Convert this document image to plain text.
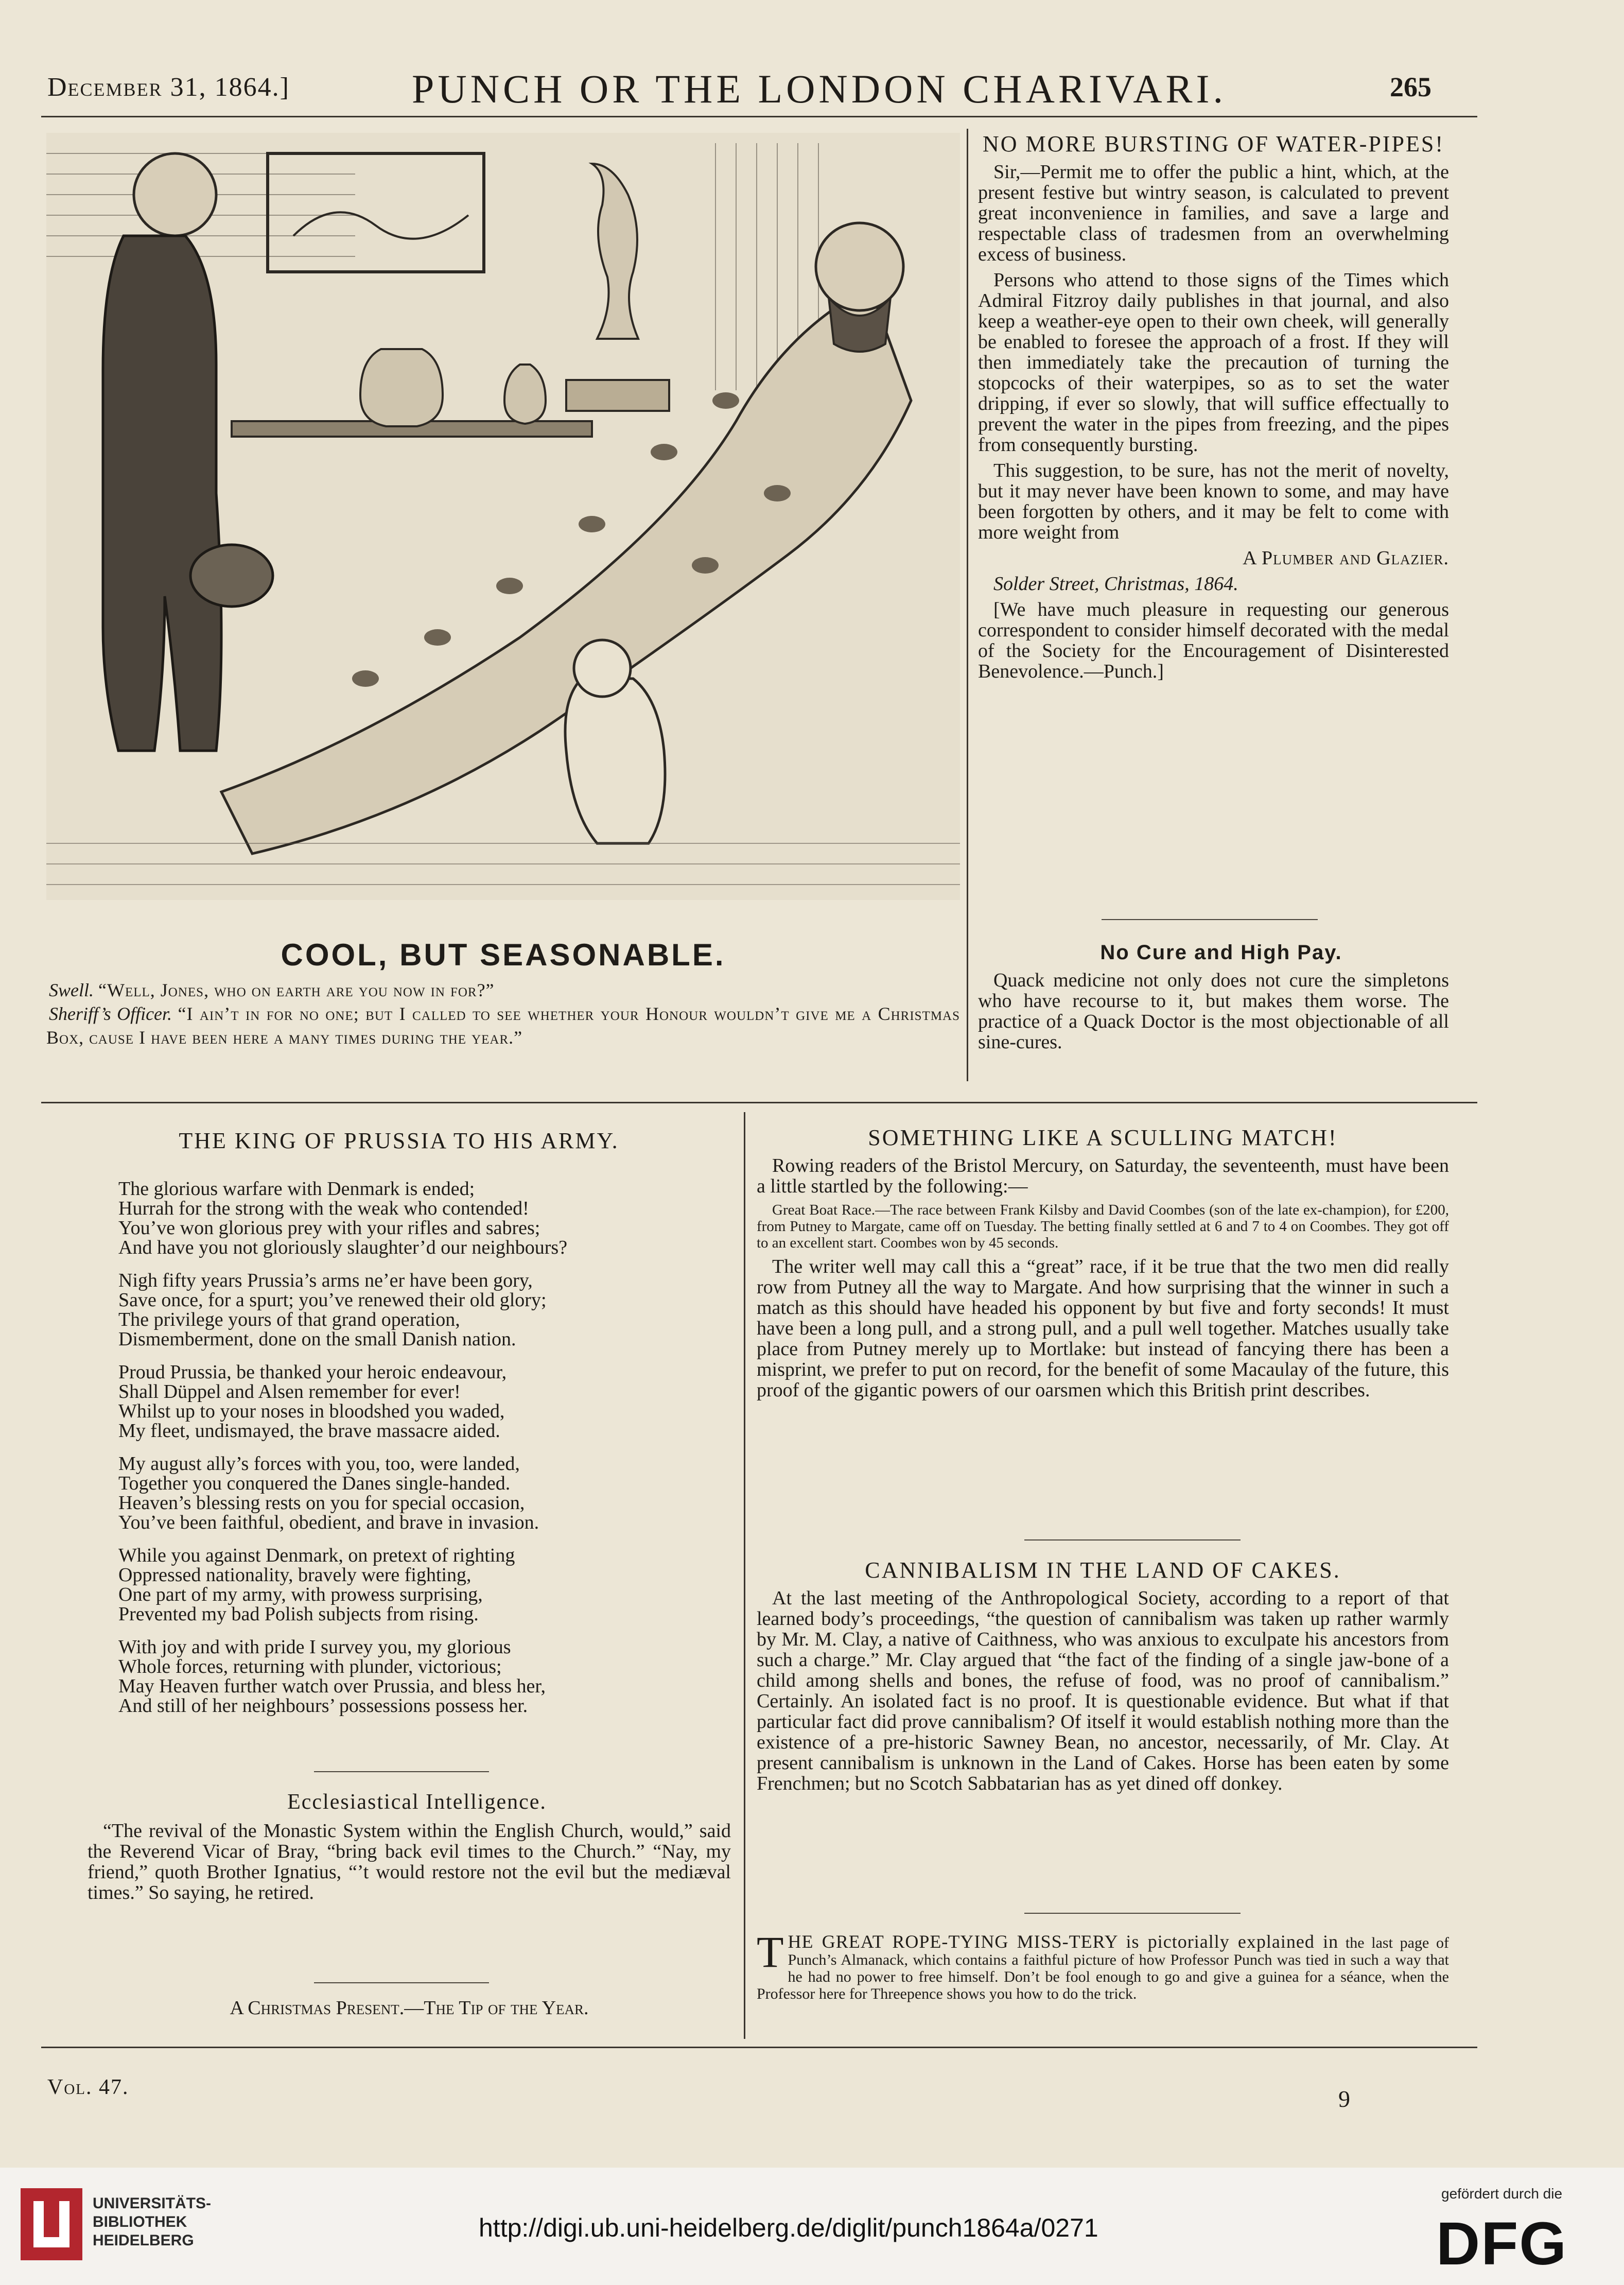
December 31, 1864.]	PUNCH OR THE LONDON CHARIVARI.	265
COOL, BUT SEASONABLE.

Swell. “Well, Jones, who on earth are you now in for?”

Sheriff’s Officer. “I ain’t in for no one; but I called to see whether your Honour wouldn’t give me a Christmas Box, cause I have been here a many times during the year.”

NO MORE BURSTING OF WATER-PIPES!

Sir,—Permit me to offer the public a hint, which, at the present festive but wintry season, is calculated to prevent great inconvenience in families, and save a large and respectable class of tradesmen from an overwhelming excess of business.

Persons who attend to those signs of the Times which Admiral Fitzroy daily publishes in that journal, and also keep a weather-eye open to their own cheek, will generally be enabled to foresee the approach of a frost. If they will then immediately take the precaution of turning the stopcocks of their waterpipes, so as to set the water dripping, if ever so slowly, that will suffice effectually to prevent the water in the pipes from freezing, and the pipes from consequently bursting.

This suggestion, to be sure, has not the merit of novelty, but it may never have been known to some, and may have been forgotten by others, and it may be felt to come with more weight from

A Plumber and Glazier.

Solder Street, Christmas, 1864.

[We have much pleasure in requesting our generous correspondent to consider himself decorated with the medal of the Society for the Encouragement of Disinterested Benevolence.—Punch.]

No Cure and High Pay.

Quack medicine not only does not cure the simpletons who have recourse to it, but makes them worse. The practice of a Quack Doctor is the most objectionable of all sine-cures.

THE KING OF PRUSSIA TO HIS ARMY.

The glorious warfare with Denmark is ended;
Hurrah for the strong with the weak who contended!
You’ve won glorious prey with your rifles and sabres;
And have you not gloriously slaughter’d our neighbours?
Nigh fifty years Prussia’s arms ne’er have been gory,
Save once, for a spurt; you’ve renewed their old glory;
The privilege yours of that grand operation,
Dismemberment, done on the small Danish nation.
Proud Prussia, be thanked your heroic endeavour,
Shall Düppel and Alsen remember for ever!
Whilst up to your noses in bloodshed you waded,
My fleet, undismayed, the brave massacre aided.
My august ally’s forces with you, too, were landed,
Together you conquered the Danes single-handed.
Heaven’s blessing rests on you for special occasion,
You’ve been faithful, obedient, and brave in invasion.
While you against Denmark, on pretext of righting
Oppressed nationality, bravely were fighting,
One part of my army, with prowess surprising,
Prevented my bad Polish subjects from rising.
With joy and with pride I survey you, my glorious
Whole forces, returning with plunder, victorious;
May Heaven further watch over Prussia, and bless her,
And still of her neighbours’ possessions possess her.

Ecclesiastical Intelligence.

“The revival of the Monastic System within the English Church, would,” said the Reverend Vicar of Bray, “bring back evil times to the Church.” “Nay, my friend,” quoth Brother Ignatius, “’t would restore not the evil but the mediæval times.” So saying, he retired.

A Christmas Present.—The Tip of the Year.

SOMETHING LIKE A SCULLING MATCH!

Rowing readers of the Bristol Mercury, on Saturday, the seventeenth, must have been a little startled by the following:—

Great Boat Race.—The race between Frank Kilsby and David Coombes (son of the late ex-champion), for £200, from Putney to Margate, came off on Tuesday. The betting finally settled at 6 and 7 to 4 on Coombes. They got off to an excellent start. Coombes won by 45 seconds.

The writer well may call this a “great” race, if it be true that the two men did really row from Putney all the way to Margate. And how surprising that the winner in such a match as this should have headed his opponent by but five and forty seconds! It must have been a long pull, and a strong pull, and a pull well together. Matches usually take place from Putney merely up to Mortlake: but instead of fancying there has been a misprint, we prefer to put on record, for the benefit of some Macaulay of the future, this proof of the gigantic powers of our oarsmen which this British print describes.

CANNIBALISM IN THE LAND OF CAKES.

At the last meeting of the Anthropological Society, according to a report of that learned body’s proceedings, “the question of cannibalism was taken up rather warmly by Mr. M. Clay, a native of Caithness, who was anxious to exculpate his ancestors from such a charge.” Mr. Clay argued that “the fact of the finding of a single jaw-bone of a child among shells and bones, the refuse of food, was no proof of cannibalism.” Certainly. An isolated fact is no proof. It is questionable evidence. But what if that particular fact did prove cannibalism? Of itself it would establish nothing more than the existence of a pre-historic Sawney Bean, no ancestor, necessarily, of Mr. Clay. At present cannibalism is unknown in the Land of Cakes. Horse has been eaten by some Frenchmen; but no Scotch Sabbatarian has as yet dined off donkey.

THE GREAT ROPE-TYING MISS-TERY is pictorially explained in the last page of Punch’s Almanack, which contains a faithful picture of how Professor Punch was tied in such a way that he had no power to free himself. Don’t be fool enough to go and give a guinea for a séance, when the Professor here for Threepence shows you how to do the trick.

Vol. 47.	9
UNIVERSITÄTS-
BIBLIOTHEK
HEIDELBERG	http://digi.ub.uni-heidelberg.de/diglit/punch1864a/0271
gefördert durch die
DFG
